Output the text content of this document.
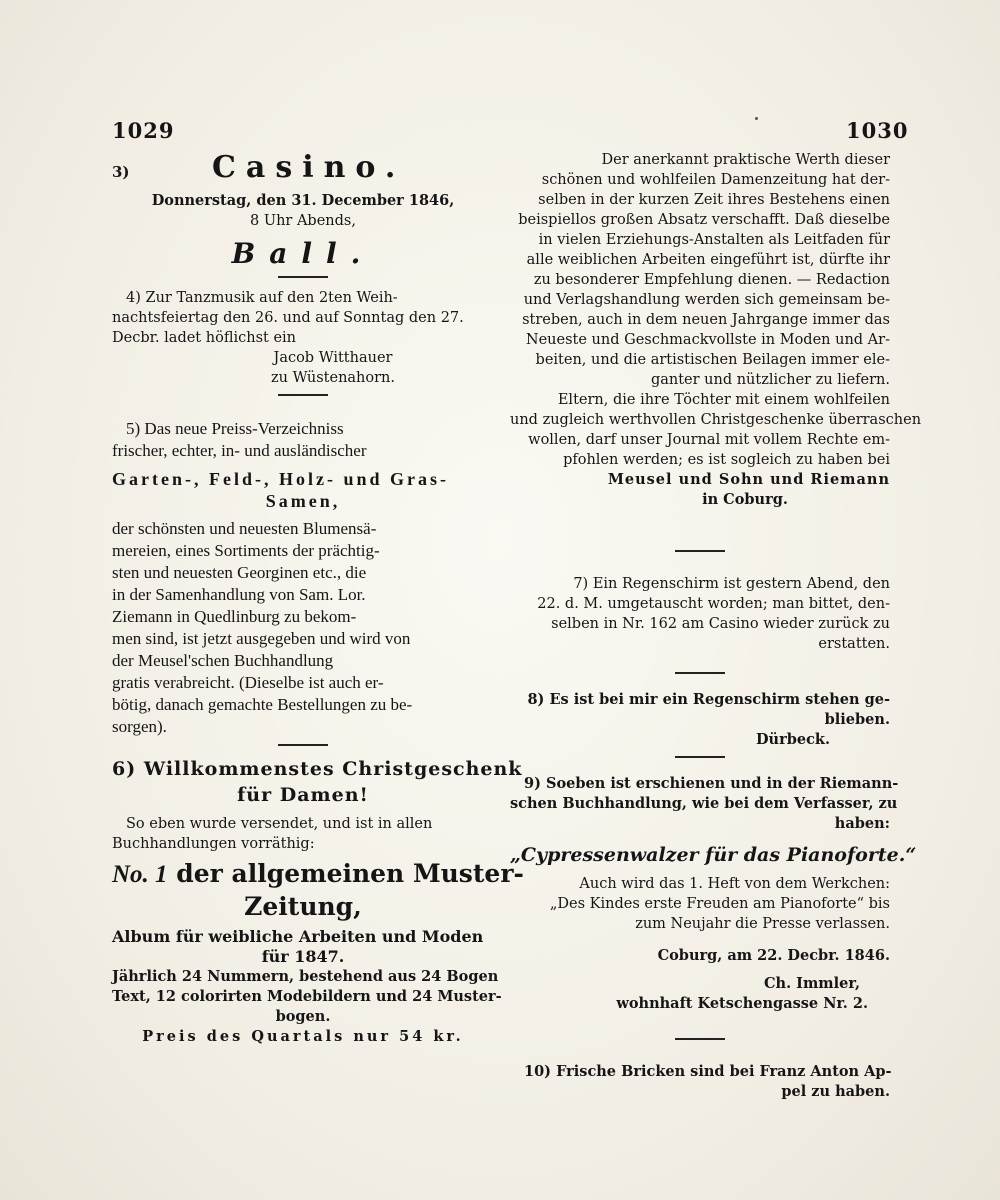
1029	1030
3)	Casino.
Donnerstag, den 31. December 1846,
8 Uhr Abends,
Ball.
4) Zur Tanzmusik auf den 2ten Weih-
nachtsfeiertag den 26. und auf Sonntag den 27.
Decbr. ladet höflichst ein
Jacob Witthauer
zu Wüstenahorn.
5) Das neue Preiss-Verzeichniss
frischer, echter, in- und ausländischer
Garten-, Feld-, Holz- und Gras-
Samen,
der schönsten und neuesten Blumensä-
mereien, eines Sortiments der prächtig-
sten und neuesten Georginen etc., die
in der Samenhandlung von Sam. Lor.
Ziemann in Quedlinburg zu bekom-
men sind, ist jetzt ausgegeben und wird von
der Meusel'schen Buchhandlung
gratis verabreicht. (Dieselbe ist auch er-
bötig, danach gemachte Bestellungen zu be-
sorgen).
6) Willkommenstes Christgeschenk
für Damen!
So eben wurde versendet, und ist in allen
Buchhandlungen vorräthig:
No. 1 der allgemeinen Muster-
Zeitung,
Album für weibliche Arbeiten und Moden
für 1847.
Jährlich 24 Nummern, bestehend aus 24 Bogen
Text, 12 colorirten Modebildern und 24 Muster-
bogen.
Preis des Quartals nur 54 kr.
Der anerkannt praktische Werth dieser
schönen und wohlfeilen Damenzeitung hat der-
selben in der kurzen Zeit ihres Bestehens einen
beispiellos großen Absatz verschafft. Daß dieselbe
in vielen Erziehungs-Anstalten als Leitfaden für
alle weiblichen Arbeiten eingeführt ist, dürfte ihr
zu besonderer Empfehlung dienen. — Redaction
und Verlagshandlung werden sich gemeinsam be-
streben, auch in dem neuen Jahrgange immer das
Neueste und Geschmackvollste in Moden und Ar-
beiten, und die artistischen Beilagen immer ele-
ganter und nützlicher zu liefern.
Eltern, die ihre Töchter mit einem wohlfeilen
und zugleich werthvollen Christgeschenke überraschen
wollen, darf unser Journal mit vollem Rechte em-
pfohlen werden; es ist sogleich zu haben bei
Meusel und Sohn und Riemann
in Coburg.
7) Ein Regenschirm ist gestern Abend, den
22. d. M. umgetauscht worden; man bittet, den-
selben in Nr. 162 am Casino wieder zurück zu
erstatten.
8) Es ist bei mir ein Regenschirm stehen ge-
blieben.
Dürbeck.
9) Soeben ist erschienen und in der Riemann-
schen Buchhandlung, wie bei dem Verfasser, zu
haben:
„Cypressenwalzer für das Pianoforte.“
Auch wird das 1. Heft von dem Werkchen:
„Des Kindes erste Freuden am Pianoforte“ bis
zum Neujahr die Presse verlassen.
Coburg, am 22. Decbr. 1846.
Ch. Immler,
wohnhaft Ketschengasse Nr. 2.
10) Frische Bricken sind bei Franz Anton Ap-
pel zu haben.
